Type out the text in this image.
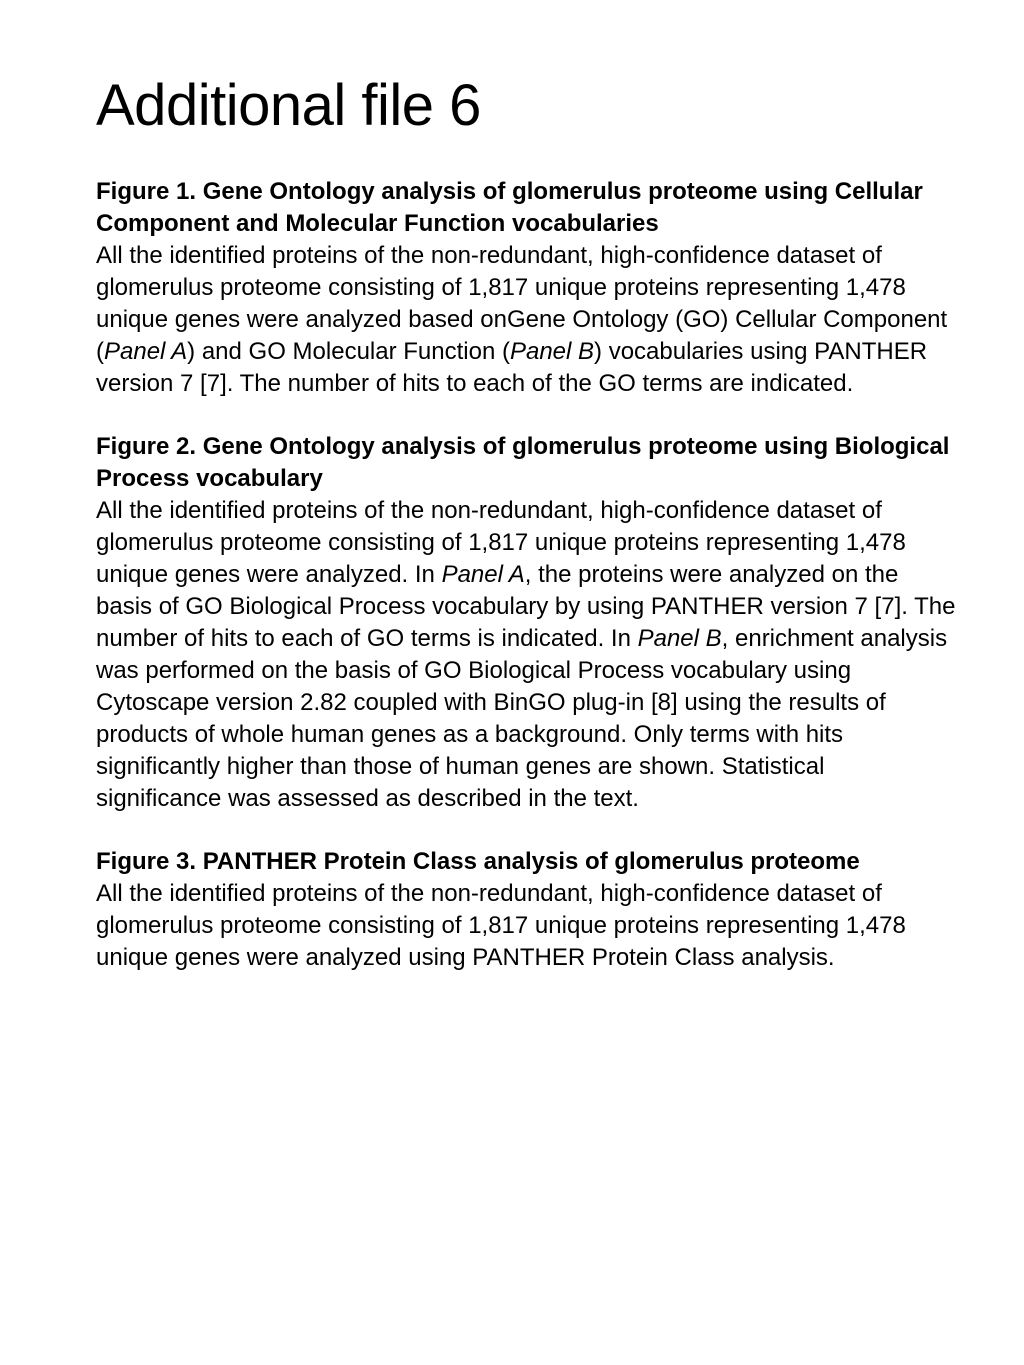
Additional file 6

Figure 1. Gene Ontology analysis of glomerulus proteome using Cellular Component and Molecular Function vocabularies

All the identified proteins of the non-redundant, high-confidence dataset of glomerulus proteome consisting of 1,817 unique proteins representing 1,478 unique genes were analyzed based onGene Ontology (GO) Cellular Component (Panel A) and GO Molecular Function (Panel B) vocabularies using PANTHER version 7 [7]. The number of hits to each of the GO terms are indicated.

Figure 2. Gene Ontology analysis of glomerulus proteome using Biological Process vocabulary

All the identified proteins of the non-redundant, high-confidence dataset of glomerulus proteome consisting of 1,817 unique proteins representing 1,478 unique genes were analyzed. In Panel A, the proteins were analyzed on the basis of GO Biological Process vocabulary by using PANTHER version 7 [7]. The number of hits to each of GO terms is indicated. In Panel B, enrichment analysis was performed on the basis of GO Biological Process vocabulary using Cytoscape version 2.82 coupled with BinGO plug-in [8] using the results of products of whole human genes as a background. Only terms with hits significantly higher than those of human genes are shown. Statistical significance was assessed as described in the text.

Figure 3. PANTHER Protein Class analysis of glomerulus proteome

All the identified proteins of the non-redundant, high-confidence dataset of glomerulus proteome consisting of 1,817 unique proteins representing 1,478 unique genes were analyzed using PANTHER Protein Class analysis.
